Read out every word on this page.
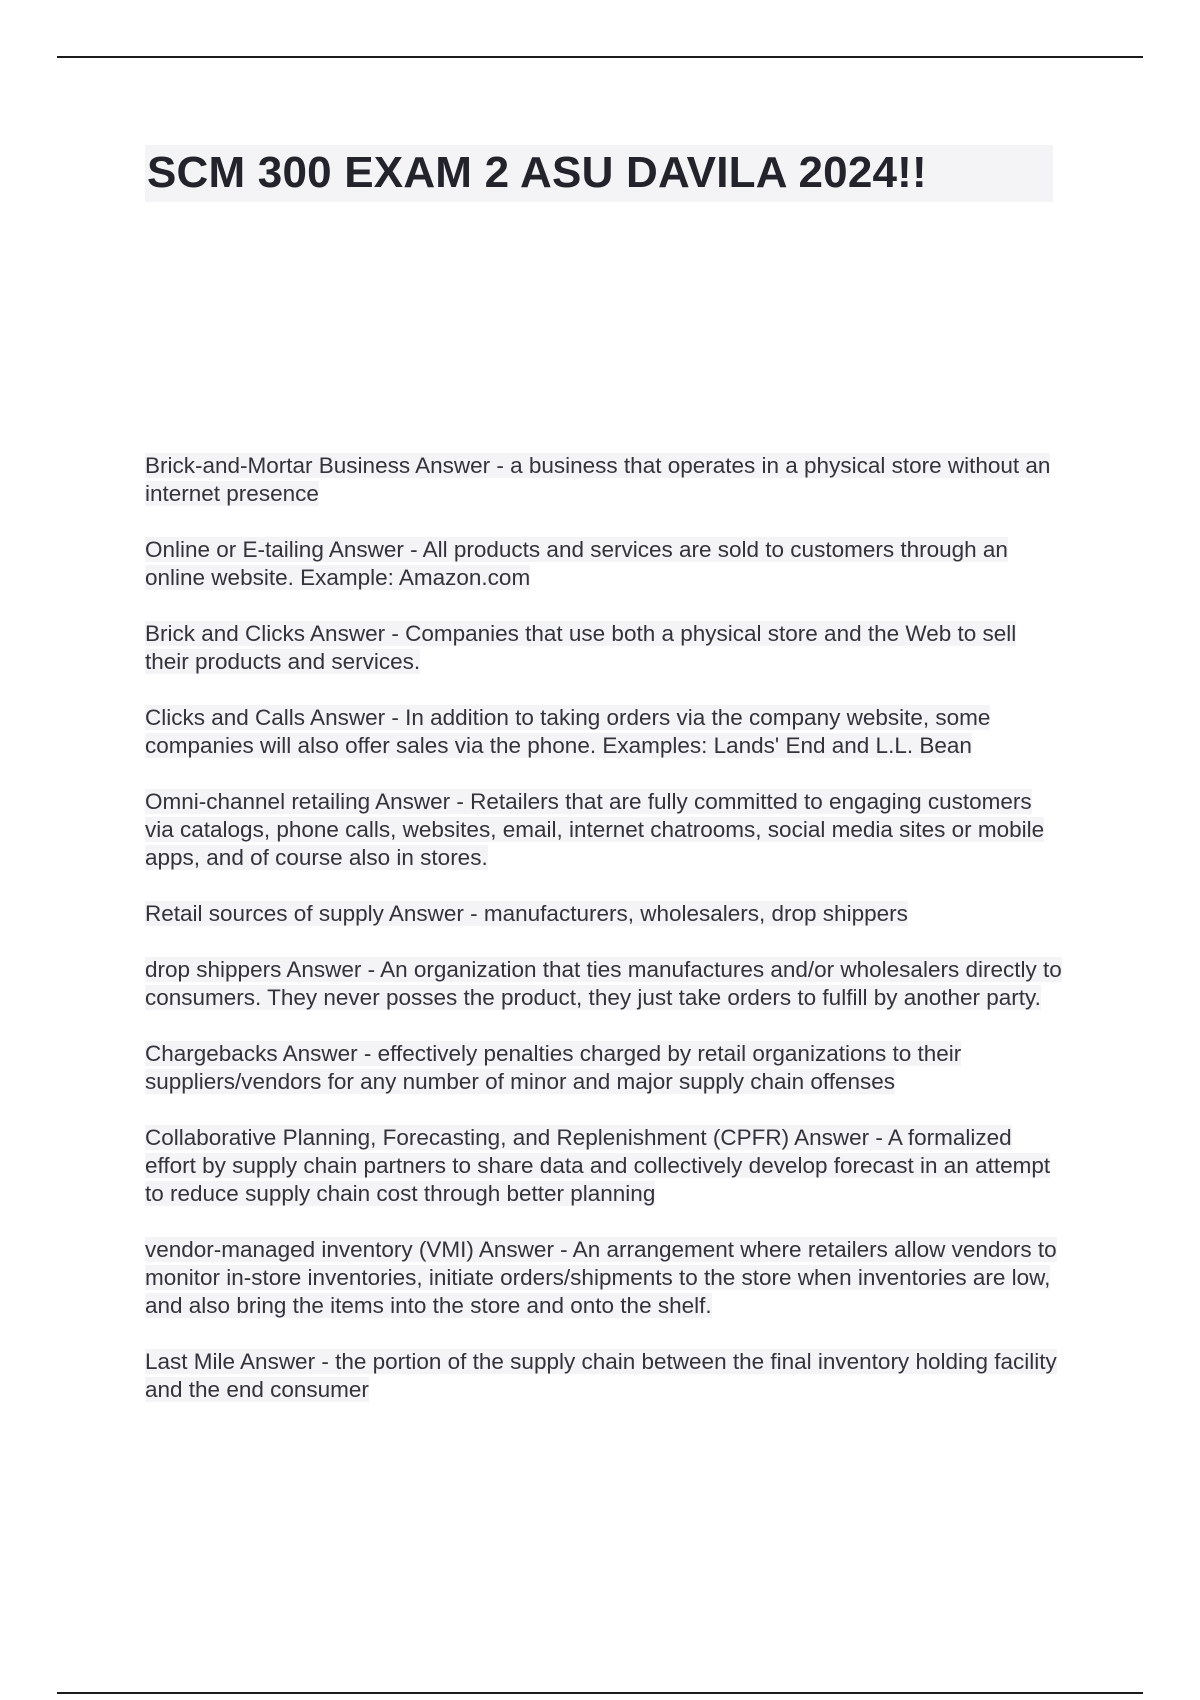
SCM 300 EXAM 2 ASU DAVILA 2024!!

Brick-and-Mortar Business Answer - a business that operates in a physical store without an internet presence

Online or E-tailing Answer - All products and services are sold to customers through an online website. Example: Amazon.com

Brick and Clicks Answer - Companies that use both a physical store and the Web to sell their products and services.

Clicks and Calls Answer - In addition to taking orders via the company website, some companies will also offer sales via the phone. Examples: Lands' End and L.L. Bean

Omni-channel retailing Answer - Retailers that are fully committed to engaging customers via catalogs, phone calls, websites, email, internet chatrooms, social media sites or mobile apps, and of course also in stores.

Retail sources of supply Answer - manufacturers, wholesalers, drop shippers

drop shippers Answer - An organization that ties manufactures and/or wholesalers directly to consumers. They never posses the product, they just take orders to fulfill by another party.

Chargebacks Answer - effectively penalties charged by retail organizations to their suppliers/vendors for any number of minor and major supply chain offenses

Collaborative Planning, Forecasting, and Replenishment (CPFR) Answer - A formalized effort by supply chain partners to share data and collectively develop forecast in an attempt to reduce supply chain cost through better planning

vendor-managed inventory (VMI) Answer - An arrangement where retailers allow vendors to monitor in-store inventories, initiate orders/shipments to the store when inventories are low, and also bring the items into the store and onto the shelf.

Last Mile Answer - the portion of the supply chain between the final inventory holding facility and the end consumer
